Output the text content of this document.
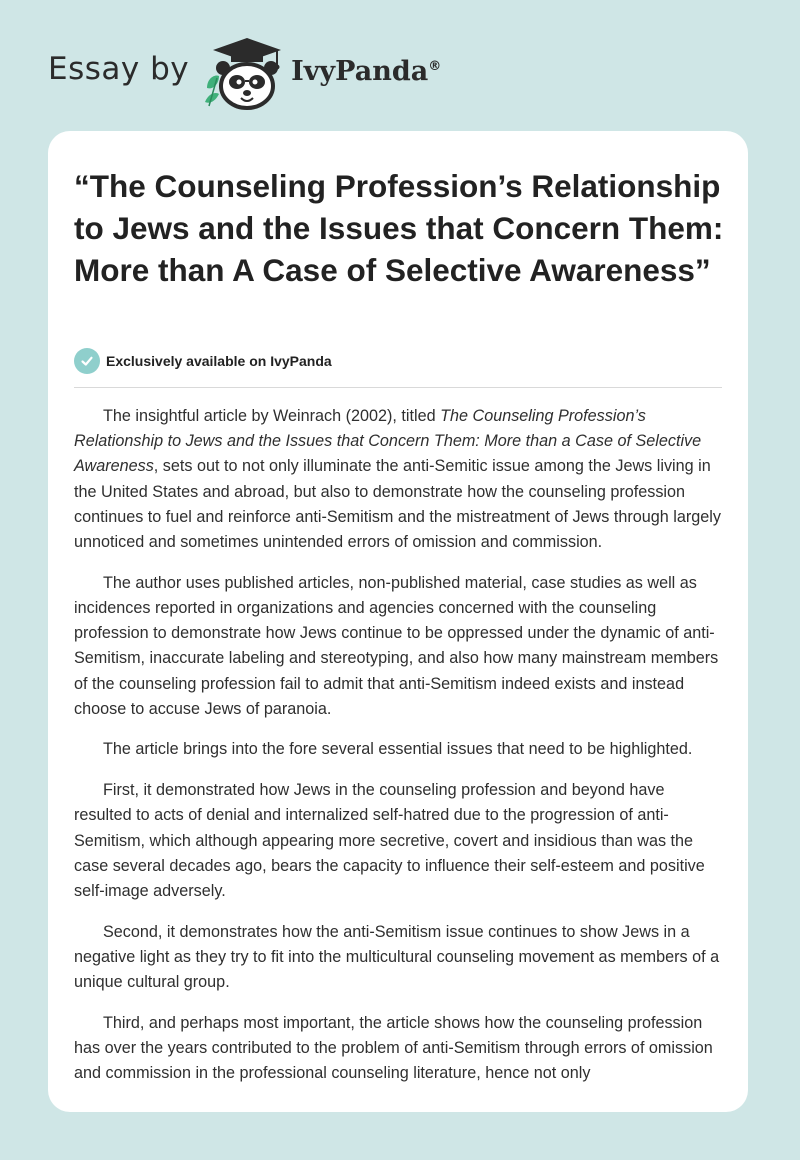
Essay by	IvyPanda®
“The Counseling Profession’s Relationship to Jews and the Issues that Concern Them: More than A Case of Selective Awareness”
Exclusively available on IvyPanda

The insightful article by Weinrach (2002), titled The Counseling Profession’s Relationship to Jews and the Issues that Concern Them: More than a Case of Selective Awareness, sets out to not only illuminate the anti-Semitic issue among the Jews living in the United States and abroad, but also to demonstrate how the counseling profession continues to fuel and reinforce anti-Semitism and the mistreatment of Jews through largely unnoticed and sometimes unintended errors of omission and commission.

The author uses published articles, non-published material, case studies as well as incidences reported in organizations and agencies concerned with the counseling profession to demonstrate how Jews continue to be oppressed under the dynamic of anti-Semitism, inaccurate labeling and stereotyping, and also how many mainstream members of the counseling profession fail to admit that anti-Semitism indeed exists and instead choose to accuse Jews of paranoia.

The article brings into the fore several essential issues that need to be highlighted.

First, it demonstrated how Jews in the counseling profession and beyond have resulted to acts of denial and internalized self-hatred due to the progression of anti-Semitism, which although appearing more secretive, covert and insidious than was the case several decades ago, bears the capacity to influence their self-esteem and positive self-image adversely.

Second, it demonstrates how the anti-Semitism issue continues to show Jews in a negative light as they try to fit into the multicultural counseling movement as members of a unique cultural group.

Third, and perhaps most important, the article shows how the counseling profession has over the years contributed to the problem of anti-Semitism through errors of omission and commission in the professional counseling literature, hence not only
